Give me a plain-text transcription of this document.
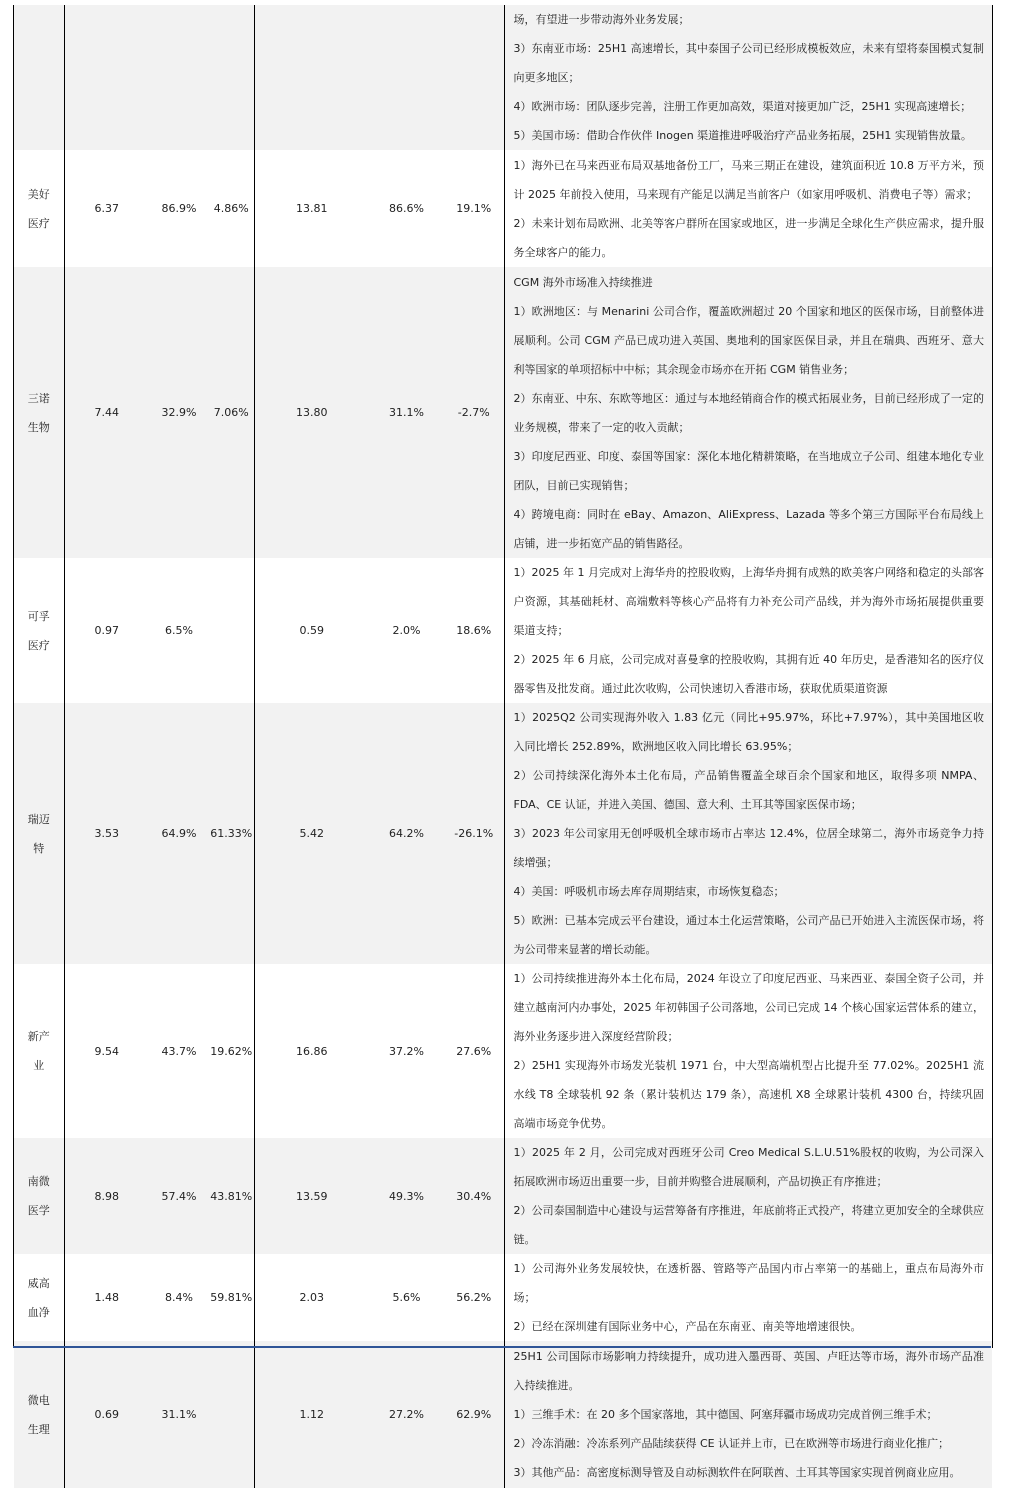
							场，有望进一步带动海外业务发展；
3）东南亚市场：25H1 高速增长，其中泰国子公司已经形成模板效应，未来有望将泰国模式复制向更多地区；
4）欧洲市场：团队逐步完善，注册工作更加高效，渠道对接更加广泛，25H1 实现高速增长；
5）美国市场：借助合作伙伴 Inogen 渠道推进呼吸治疗产品业务拓展，25H1 实现销售放量。

美好医疗	6.37	86.9%	4.86%	13.81	86.6%	19.1%	1）海外已在马来西亚布局双基地备份工厂，马来三期正在建设，建筑面积近 10.8 万平方米，预计 2025 年前投入使用，马来现有产能足以满足当前客户（如家用呼吸机、消费电子等）需求；
2）未来计划布局欧洲、北美等客户群所在国家或地区，进一步满足全球化生产供应需求，提升服务全球客户的能力。

三诺生物	7.44	32.9%	7.06%	13.80	31.1%	-2.7%	CGM 海外市场准入持续推进
1）欧洲地区：与 Menarini 公司合作，覆盖欧洲超过 20 个国家和地区的医保市场，目前整体进展顺利。公司 CGM 产品已成功进入英国、奥地利的国家医保目录，并且在瑞典、西班牙、意大利等国家的单项招标中中标；其余现金市场亦在开拓 CGM 销售业务；
2）东南亚、中东、东欧等地区：通过与本地经销商合作的模式拓展业务，目前已经形成了一定的业务规模，带来了一定的收入贡献；
3）印度尼西亚、印度、泰国等国家：深化本地化精耕策略，在当地成立子公司、组建本地化专业团队，目前已实现销售；
4）跨境电商：同时在 eBay、Amazon、AliExpress、Lazada 等多个第三方国际平台布局线上店铺，进一步拓宽产品的销售路径。

可孚医疗	0.97	6.5%		0.59	2.0%	18.6%	1）2025 年 1 月完成对上海华舟的控股收购，上海华舟拥有成熟的欧美客户网络和稳定的头部客户资源，其基础耗材、高端敷料等核心产品将有力补充公司产品线，并为海外市场拓展提供重要渠道支持；
2）2025 年 6 月底，公司完成对喜曼拿的控股收购，其拥有近 40 年历史，是香港知名的医疗仪器零售及批发商。通过此次收购，公司快速切入香港市场，获取优质渠道资源

瑞迈特	3.53	64.9%	61.33%	5.42	64.2%	-26.1%	1）2025Q2 公司实现海外收入 1.83 亿元（同比+95.97%，环比+7.97%），其中美国地区收入同比增长 252.89%，欧洲地区收入同比增长 63.95%；
2）公司持续深化海外本土化布局，产品销售覆盖全球百余个国家和地区，取得多项 NMPA、FDA、CE 认证，并进入美国、德国、意大利、土耳其等国家医保市场；
3）2023 年公司家用无创呼吸机全球市场市占率达 12.4%，位居全球第二，海外市场竞争力持续增强；
4）美国：呼吸机市场去库存周期结束，市场恢复稳态；
5）欧洲：已基本完成云平台建设，通过本土化运营策略，公司产品已开始进入主流医保市场，将为公司带来显著的增长动能。

新产业	9.54	43.7%	19.62%	16.86	37.2%	27.6%	1）公司持续推进海外本土化布局，2024 年设立了印度尼西亚、马来西亚、泰国全资子公司，并建立越南河内办事处，2025 年初韩国子公司落地，公司已完成 14 个核心国家运营体系的建立，海外业务逐步进入深度经营阶段；
2）25H1 实现海外市场发光装机 1971 台，中大型高端机型占比提升至 77.02%。2025H1 流水线 T8 全球装机 92 条（累计装机达 179 条），高速机 X8 全球累计装机 4300 台，持续巩固高端市场竞争优势。

南微医学	8.98	57.4%	43.81%	13.59	49.3%	30.4%	1）2025 年 2 月，公司完成对西班牙公司 Creo Medical S.L.U.51%股权的收购，为公司深入拓展欧洲市场迈出重要一步，目前并购整合进展顺利，产品切换正有序推进；
2）公司泰国制造中心建设与运营筹备有序推进，年底前将正式投产，将建立更加安全的全球供应链。

威高血净	1.48	8.4%	59.81%	2.03	5.6%	56.2%	1）公司海外业务发展较快，在透析器、管路等产品国内市占率第一的基础上，重点布局海外市场；
2）已经在深圳建有国际业务中心，产品在东南亚、南美等地增速很快。

微电生理	0.69	31.1%		1.12	27.2%	62.9%	25H1 公司国际市场影响力持续提升，成功进入墨西哥、英国、卢旺达等市场，海外市场产品准入持续推进。
1）三维手术：在 20 多个国家落地，其中德国、阿塞拜疆市场成功完成首例三维手术；
2）冷冻消融：冷冻系列产品陆续获得 CE 认证并上市，已在欧洲等市场进行商业化推广；
3）其他产品：高密度标测导管及自动标测软件在阿联酋、土耳其等国家实现首例商业应用。
